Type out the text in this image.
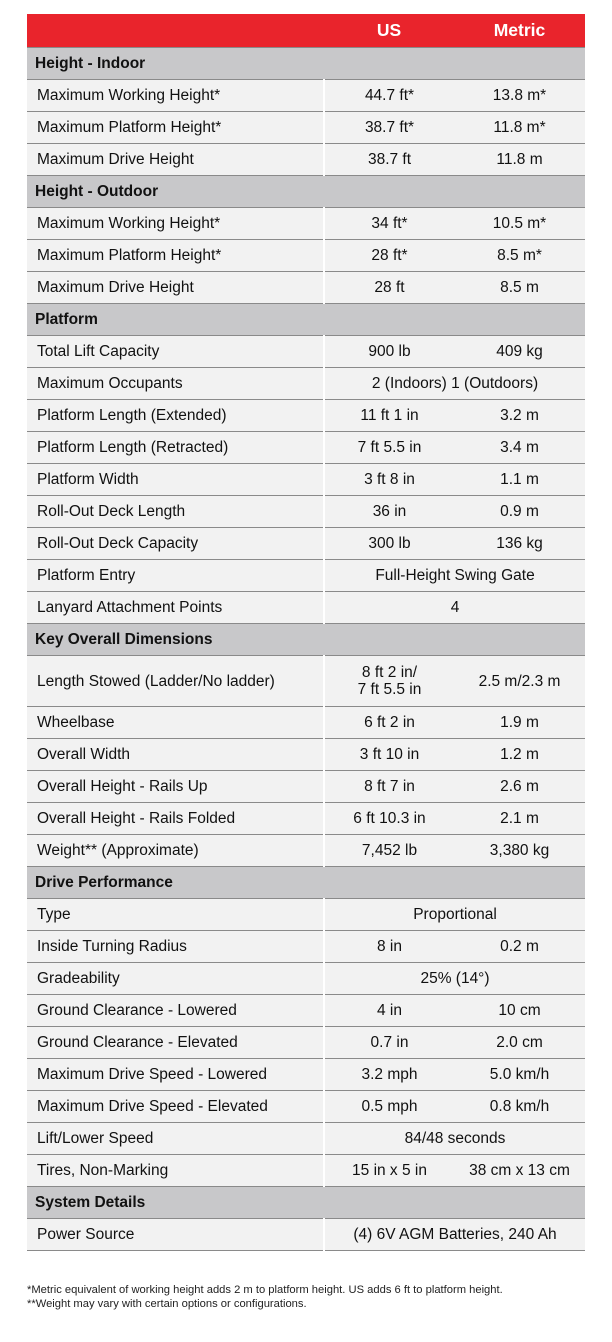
	US	Metric
Height - Indoor		
Maximum Working Height*	44.7 ft*	13.8 m*
Maximum Platform Height*	38.7 ft*	11.8 m*
Maximum Drive Height	38.7 ft	11.8 m
Height - Outdoor		
Maximum Working Height*	34 ft*	10.5 m*
Maximum Platform Height*	28 ft*	8.5 m*
Maximum Drive Height	28 ft	8.5 m
Platform		
Total Lift Capacity	900 lb	409 kg
Maximum Occupants	2 (Indoors) 1 (Outdoors)	
Platform Length (Extended)	11 ft 1 in	3.2 m
Platform Length (Retracted)	7 ft 5.5 in	3.4 m
Platform Width	3 ft 8 in	1.1 m
Roll-Out Deck Length	36 in	0.9 m
Roll-Out Deck Capacity	300 lb	136 kg
Platform Entry	Full-Height Swing Gate	
Lanyard Attachment Points	4	
Key Overall Dimensions		
Length Stowed (Ladder/No ladder)	8 ft 2 in/
7 ft 5.5 in	2.5 m/2.3 m
Wheelbase	6 ft 2 in	1.9 m
Overall Width	3 ft 10 in	1.2 m
Overall Height - Rails Up	8 ft 7 in	2.6 m
Overall Height - Rails Folded	6 ft 10.3 in	2.1 m
Weight** (Approximate)	7,452 lb	3,380 kg
Drive Performance		
Type	Proportional	
Inside Turning Radius	8 in	0.2 m
Gradeability	25% (14°)	
Ground Clearance - Lowered	4 in	10 cm
Ground Clearance - Elevated	0.7 in	2.0 cm
Maximum Drive Speed - Lowered	3.2 mph	5.0 km/h
Maximum Drive Speed - Elevated	0.5 mph	0.8 km/h
Lift/Lower Speed	84/48 seconds	
Tires, Non-Marking	15 in x 5 in	38 cm x 13 cm
System Details		
Power Source	(4) 6V AGM Batteries, 240 Ah	
*Metric equivalent of working height adds 2 m to platform height. US adds 6 ft to platform height.
**Weight may vary with certain options or configurations.
